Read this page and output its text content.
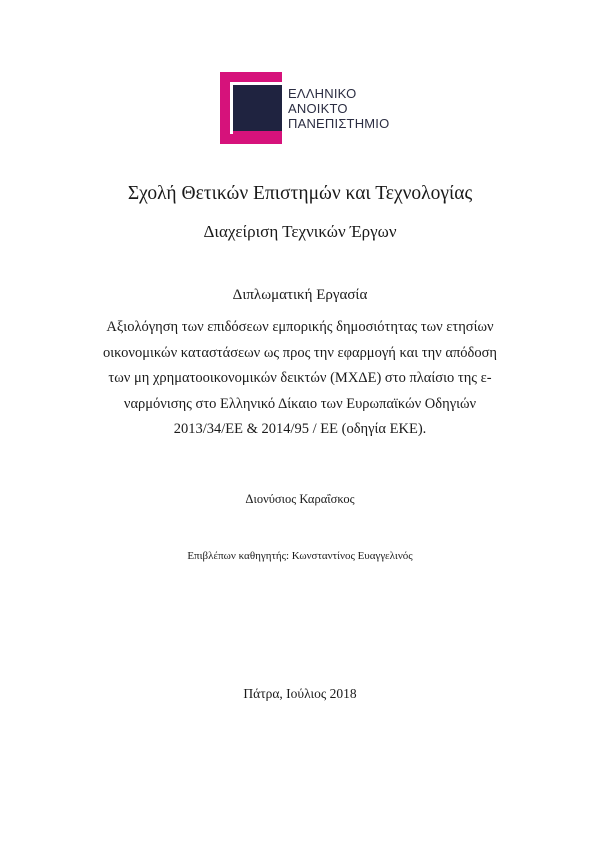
ΕΛΛΗΝΙΚΟ
ΑΝΟΙΚΤΟ
ΠΑΝΕΠΙΣΤΗΜΙΟ
Σχολή Θετικών Επιστημών και Τεχνολογίας
Διαχείριση Τεχνικών Έργων
Διπλωματική Εργασία
Αξιολόγηση των επιδόσεων εμπορικής δημοσιότητας των ετησίων
οικονομικών καταστάσεων ως προς την εφαρμογή και την απόδοση
των μη χρηματοοικονομικών δεικτών (ΜΧΔΕ) στο πλαίσιο της ε-
ναρμόνισης στο Ελληνικό Δίκαιο των Ευρωπαϊκών Οδηγιών
2013/34/ΕΕ & 2014/95 / ΕΕ (οδηγία ΕΚΕ).
Διονύσιος Καραΐσκος
Επιβλέπων καθηγητής: Κωνσταντίνος Ευαγγελινός
Πάτρα, Ιούλιος 2018
